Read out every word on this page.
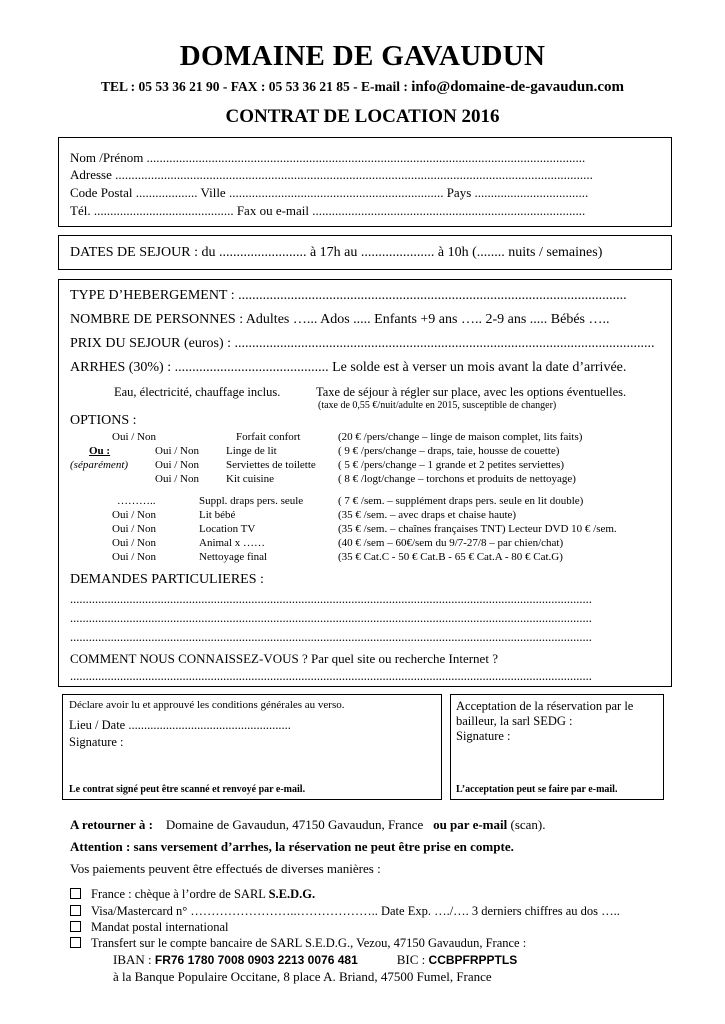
DOMAINE DE GAVAUDUN
TEL : 05 53 36 21 90 - FAX : 05 53 36 21 85 - E-mail : info@domaine-de-gavaudun.com
CONTRAT DE LOCATION 2016
Nom /Prénom .......................................................................................................................................
Adresse ...................................................................................................................................................
Code Postal ................... Ville .................................................................. Pays ...................................
Tél. ........................................... Fax ou e-mail ....................................................................................
DATES DE SEJOUR : du ......................... à 17h au ..................... à 10h (........ nuits / semaines)
TYPE D’HEBERGEMENT : ...............................................................................................................
NOMBRE DE PERSONNES : Adultes …... Ados ..... Enfants +9 ans ….. 2-9 ans ..... Bébés …..
PRIX DU SEJOUR (euros) : ........................................................................................................................
ARRHES (30%) : ............................................ Le solde est à verser un mois avant la date d’arrivée.
Eau, électricité, chauffage inclus.	Taxe de séjour à régler sur place, avec les options éventuelles.
(taxe de 0,55 €/nuit/adulte en 2015, susceptible de changer)
OPTIONS :
Oui / Non	Forfait confort	(20 € /pers/change – linge de maison complet, lits faits)
Ou :	Oui / Non Linge de lit	( 9 € /pers/change – draps, taie, housse de couette)
(séparément) Oui / Non Serviettes de toilette ( 5 € /pers/change – 1 grande et 2 petites serviettes)
Oui / Non Kit cuisine	( 8 € /logt/change – torchons et produits de nettoyage)
………..	Suppl. draps pers. seule	( 7 € /sem. – supplément draps pers. seule en lit double)
Oui / Non	Lit bébé	(35 € /sem. – avec draps et chaise haute)
Oui / Non	Location TV	(35 € /sem. – chaînes françaises TNT) Lecteur DVD 10 € /sem.
Oui / Non	Animal x ……	(40 € /sem – 60€/sem du 9/7-27/8 – par chien/chat)
Oui / Non	Nettoyage final	(35 € Cat.C - 50 € Cat.B - 65 € Cat.A - 80 € Cat.G)
DEMANDES PARTICULIERES :
.......................................................................................................................................................................
.......................................................................................................................................................................
.......................................................................................................................................................................
COMMENT NOUS CONNAISSEZ-VOUS ? Par quel site ou recherche Internet ?
.......................................................................................................................................................................
Déclare avoir lu et approuvé les conditions générales au verso.
Lieu / Date ....................................................
Signature :
Le contrat signé peut être scanné et renvoyé par e-mail.
Acceptation de la réservation par le
bailleur, la sarl SEDG :
Signature :
L’acceptation peut se faire par e-mail.
A retourner à : Domaine de Gavaudun, 47150 Gavaudun, France ou par e-mail (scan).
Attention : sans versement d’arrhes, la réservation ne peut être prise en compte.
Vos paiements peuvent être effectués de diverses manières :
France : chèque à l’ordre de SARL S.E.D.G.
Visa/Mastercard n° ……………………..……………….. Date Exp. …./…. 3 derniers chiffres au dos …..
Mandat postal international
Transfert sur le compte bancaire de SARL S.E.D.G., Vezou, 47150 Gavaudun, France :
IBAN : FR76 1780 7008 0903 2213 0076 481	BIC : CCBPFRPPTLS
à la Banque Populaire Occitane, 8 place A. Briand, 47500 Fumel, France
